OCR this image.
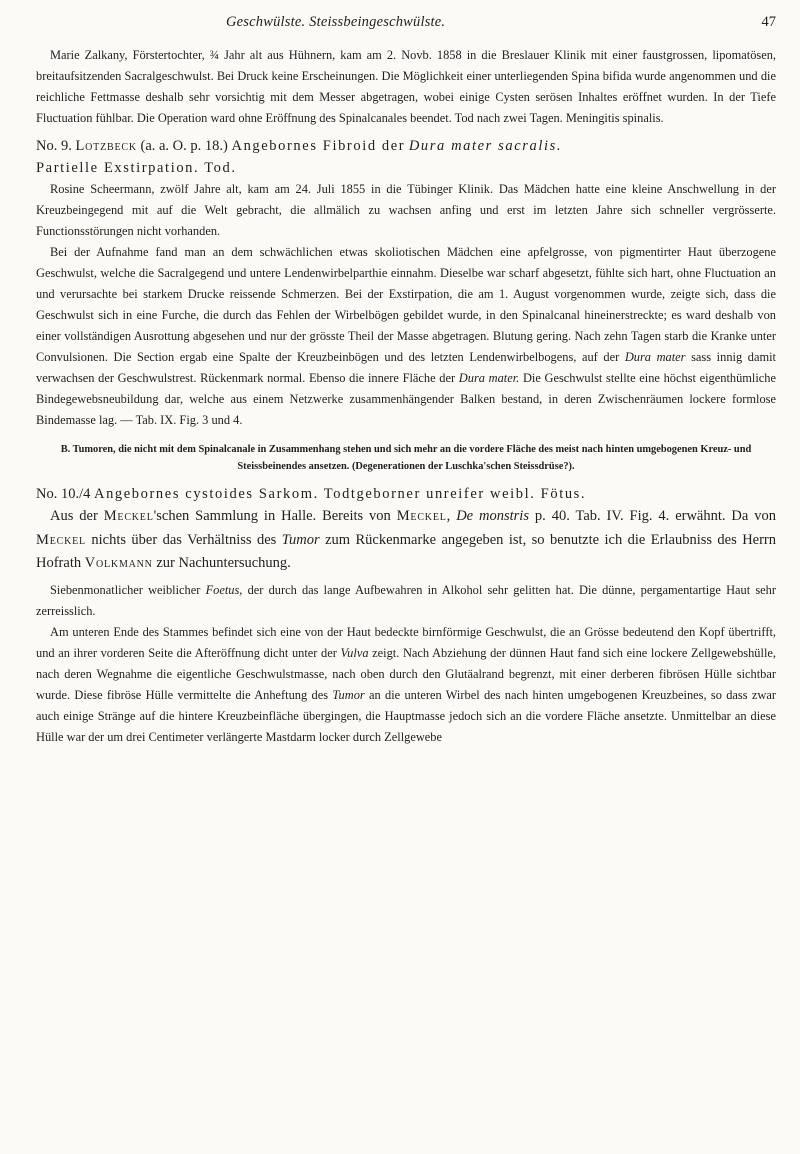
Geschwülste. Steissbeingeschwülste.	47

Marie Zalkany, Förstertochter, ¾ Jahr alt aus Hühnern, kam am 2. Novb. 1858 in die Breslauer Klinik mit einer faustgrossen, lipomatösen, breitaufsitzenden Sacralgeschwulst. Bei Druck keine Erscheinungen. Die Möglichkeit einer unterliegenden Spina bifida wurde angenommen und die reichliche Fettmasse deshalb sehr vorsichtig mit dem Messer abgetragen, wobei einige Cysten serösen Inhaltes eröffnet wurden. In der Tiefe Fluctuation fühlbar. Die Operation ward ohne Eröffnung des Spinalcanales beendet. Tod nach zwei Tagen. Meningitis spinalis.

No. 9. Lotzbeck (a. a. O. p. 18.) Angebornes Fibroid der Dura mater sacralis.
Partielle Exstirpation. Tod.

Rosine Scheermann, zwölf Jahre alt, kam am 24. Juli 1855 in die Tübinger Klinik. Das Mädchen hatte eine kleine Anschwellung in der Kreuzbeingegend mit auf die Welt gebracht, die allmälich zu wachsen anfing und erst im letzten Jahre sich schneller vergrösserte. Functionsstörungen nicht vorhanden.

Bei der Aufnahme fand man an dem schwächlichen etwas skoliotischen Mädchen eine apfelgrosse, von pigmentirter Haut überzogene Geschwulst, welche die Sacralgegend und untere Lendenwirbelparthie einnahm. Dieselbe war scharf abgesetzt, fühlte sich hart, ohne Fluctuation an und verursachte bei starkem Drucke reissende Schmerzen. Bei der Exstirpation, die am 1. August vorgenommen wurde, zeigte sich, dass die Geschwulst sich in eine Furche, die durch das Fehlen der Wirbelbögen gebildet wurde, in den Spinalcanal hineinerstreckte; es ward deshalb von einer vollständigen Ausrottung abgesehen und nur der grösste Theil der Masse abgetragen. Blutung gering. Nach zehn Tagen starb die Kranke unter Convulsionen. Die Section ergab eine Spalte der Kreuzbeinbögen und des letzten Lendenwirbelbogens, auf der Dura mater sass innig damit verwachsen der Geschwulstrest. Rückenmark normal. Ebenso die innere Fläche der Dura mater. Die Geschwulst stellte eine höchst eigenthümliche Bindegewebsneubildung dar, welche aus einem Netzwerke zusammenhängender Balken bestand, in deren Zwischenräumen lockere formlose Bindemasse lag. — Tab. IX. Fig. 3 und 4.

B. Tumoren, die nicht mit dem Spinalcanale in Zusammenhang stehen und sich mehr an die vordere Fläche des meist nach hinten umgebogenen Kreuz- und Steissbeinendes ansetzen. (Degenerationen der Luschka'schen Steissdrüse?).

No. 10./4 Angebornes cystoides Sarkom. Todtgeborner unreifer weibl. Fötus.

Aus der Meckel'schen Sammlung in Halle. Bereits von Meckel, De monstris p. 40. Tab. IV. Fig. 4. erwähnt. Da von Meckel nichts über das Verhältniss des Tumor zum Rückenmarke angegeben ist, so benutzte ich die Erlaubniss des Herrn Hofrath Volkmann zur Nachuntersuchung.

Siebenmonatlicher weiblicher Foetus, der durch das lange Aufbewahren in Alkohol sehr gelitten hat. Die dünne, pergamentartige Haut sehr zerreisslich.

Am unteren Ende des Stammes befindet sich eine von der Haut bedeckte birnförmige Geschwulst, die an Grösse bedeutend den Kopf übertrifft, und an ihrer vorderen Seite die Afteröffnung dicht unter der Vulva zeigt. Nach Abziehung der dünnen Haut fand sich eine lockere Zellgewebshülle, nach deren Wegnahme die eigentliche Geschwulstmasse, nach oben durch den Glutäalrand begrenzt, mit einer derberen fibrösen Hülle sichtbar wurde. Diese fibröse Hülle vermittelte die Anheftung des Tumor an die unteren Wirbel des nach hinten umgebogenen Kreuzbeines, so dass zwar auch einige Stränge auf die hintere Kreuzbeinfläche übergingen, die Hauptmasse jedoch sich an die vordere Fläche ansetzte. Unmittelbar an diese Hülle war der um drei Centimeter verlängerte Mastdarm locker durch Zellgewebe
